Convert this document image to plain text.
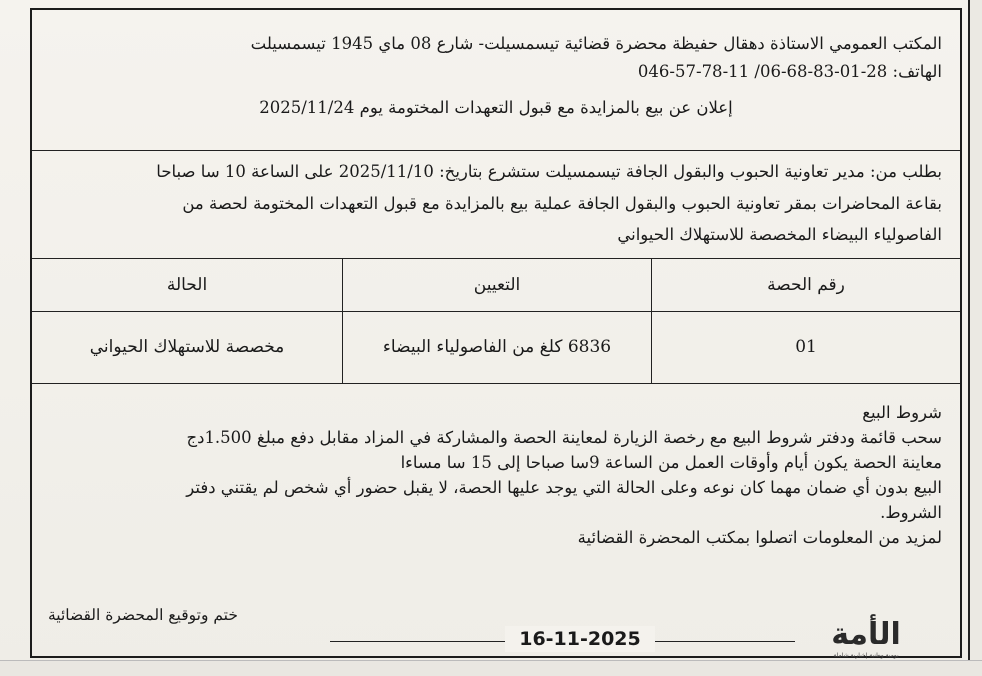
المكتب العمومي الاستاذة دهقال حفيظة محضرة قضائية تيسمسيلت- شارع 08 ماي 1945 تيسمسيلت
الهاتف: 28-01-83-68-06/ 11-78-57-046
إعلان عن بيع بالمزايدة مع قبول التعهدات المختومة يوم 2025/11/24
بطلب من: مدير تعاونية الحبوب والبقول الجافة تيسمسيلت ستشرع بتاريخ: 2025/11/10 على الساعة 10 سا صباحا
بقاعة المحاضرات بمقر تعاونية الحبوب والبقول الجافة عملية بيع بالمزايدة مع قبول التعهدات المختومة لحصة من
الفاصولياء البيضاء المخصصة للاستهلاك الحيواني
رقم الحصة
التعيين
الحالة
01
6836 كلغ من الفاصولياء البيضاء
مخصصة للاستهلاك الحيواني
شروط البيع
سحب قائمة ودفتر شروط البيع مع رخصة الزيارة لمعاينة الحصة والمشاركة في المزاد مقابل دفع مبلغ 1.500دج
معاينة الحصة يكون أيام وأوقات العمل من الساعة 9سا صباحا إلى 15 سا مساءا
البيع بدون أي ضمان مهما كان نوعه وعلى الحالة التي يوجد عليها الحصة، لا يقبل حضور أي شخص لم يقتني دفتر
الشروط.
لمزيد من المعلومات اتصلوا بمكتب المحضرة القضائية
ختم وتوقيع المحضرة القضائية
16-11-2025	الأمة
يومية وطنية إخبارية شاملة
